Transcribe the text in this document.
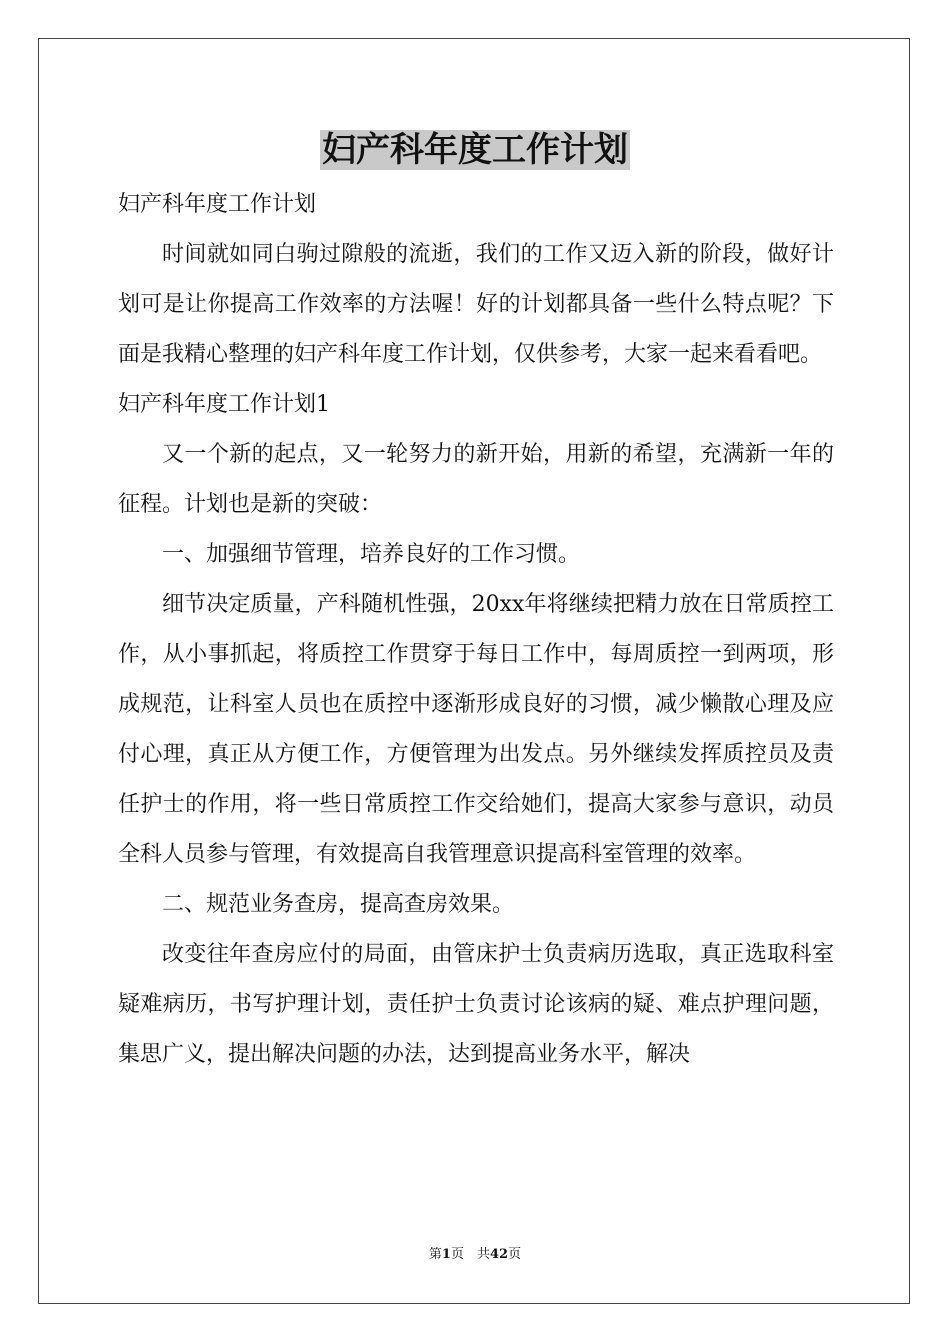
妇产科年度工作计划

妇产科年度工作计划

时间就如同白驹过隙般的流逝，我们的工作又迈入新的阶段，做好计划可是让你提高工作效率的方法喔！好的计划都具备一些什么特点呢？下面是我精心整理的妇产科年度工作计划，仅供参考，大家一起来看看吧。

妇产科年度工作计划1

又一个新的起点，又一轮努力的新开始，用新的希望，充满新一年的征程。计划也是新的突破：

一、加强细节管理，培养良好的工作习惯。

细节决定质量，产科随机性强，20xx年将继续把精力放在日常质控工作，从小事抓起，将质控工作贯穿于每日工作中，每周质控一到两项，形成规范，让科室人员也在质控中逐渐形成良好的习惯，减少懒散心理及应付心理，真正从方便工作，方便管理为出发点。另外继续发挥质控员及责任护士的作用，将一些日常质控工作交给她们，提高大家参与意识，动员全科人员参与管理，有效提高自我管理意识提高科室管理的效率。

二、规范业务查房，提高查房效果。

改变往年查房应付的局面，由管床护士负责病历选取，真正选取科室疑难病历，书写护理计划，责任护士负责讨论该病的疑、难点护理问题，集思广义，提出解决问题的办法，达到提高业务水平，解决

第1页　共42页
